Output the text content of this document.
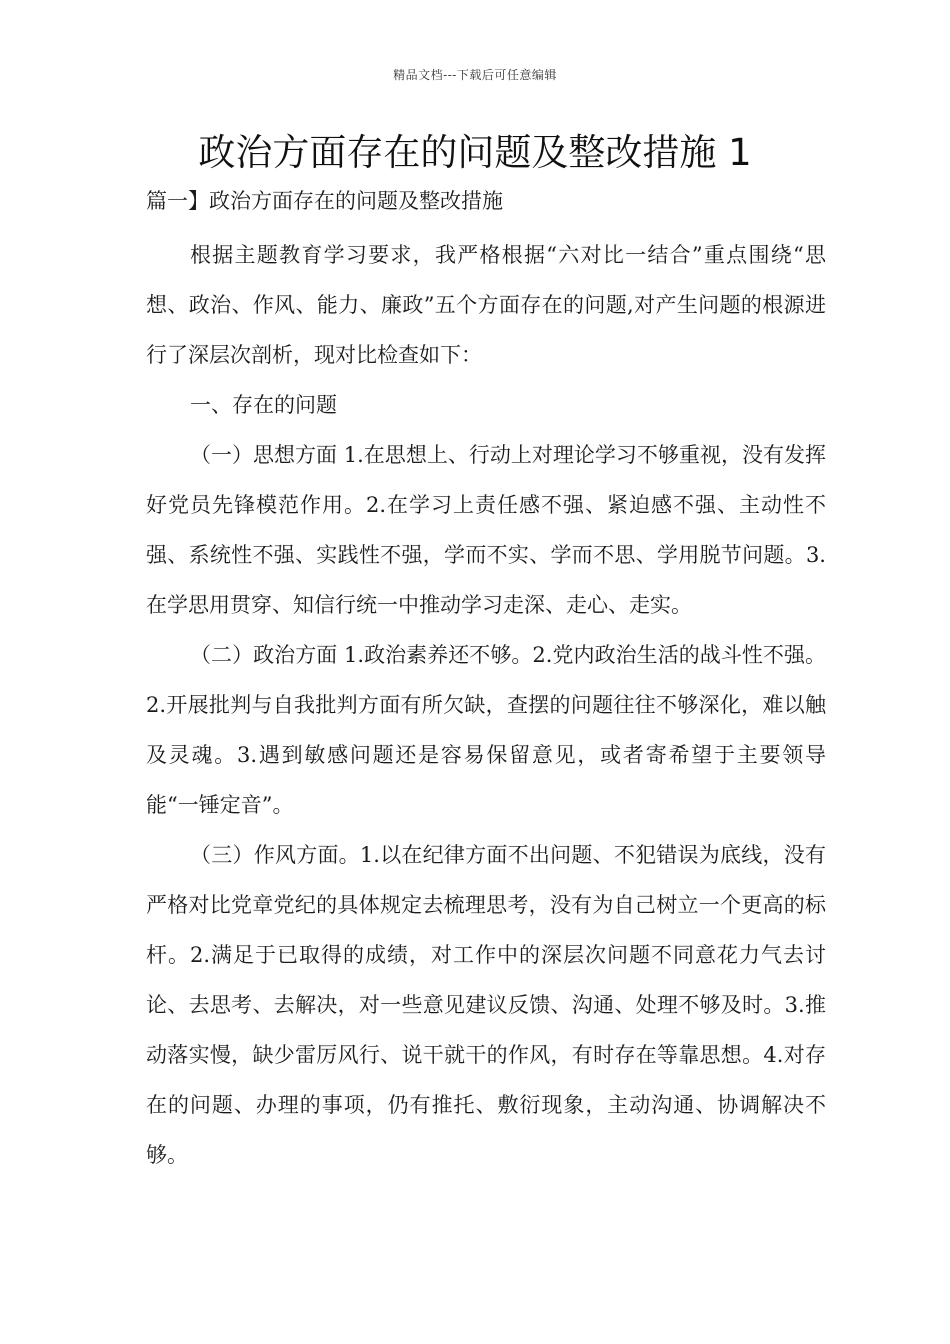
精品文档---下载后可任意编辑
政治方面存在的问题及整改措施 1
篇一】政治方面存在的问题及整改措施

根据主题教育学习要求，我严格根据“六对比一结合”重点围绕“思想、政治、作风、能力、廉政”五个方面存在的问题,对产生问题的根源进行了深层次剖析，现对比检查如下：

一、存在的问题

（一）思想方面 1.在思想上、行动上对理论学习不够重视，没有发挥好党员先锋模范作用。2.在学习上责任感不强、紧迫感不强、主动性不强、系统性不强、实践性不强，学而不实、学而不思、学用脱节问题。3.在学思用贯穿、知信行统一中推动学习走深、走心、走实。

（二）政治方面 1.政治素养还不够。2.党内政治生活的战斗性不强。2.开展批判与自我批判方面有所欠缺，查摆的问题往往不够深化，难以触及灵魂。3.遇到敏感问题还是容易保留意见，或者寄希望于主要领导能“一锤定音”。

（三）作风方面。1.以在纪律方面不出问题、不犯错误为底线，没有严格对比党章党纪的具体规定去梳理思考，没有为自己树立一个更高的标杆。2.满足于已取得的成绩，对工作中的深层次问题不同意花力气去讨论、去思考、去解决，对一些意见建议反馈、沟通、处理不够及时。3.推动落实慢，缺少雷厉风行、说干就干的作风，有时存在等靠思想。4.对存在的问题、办理的事项，仍有推托、敷衍现象，主动沟通、协调解决不够。
